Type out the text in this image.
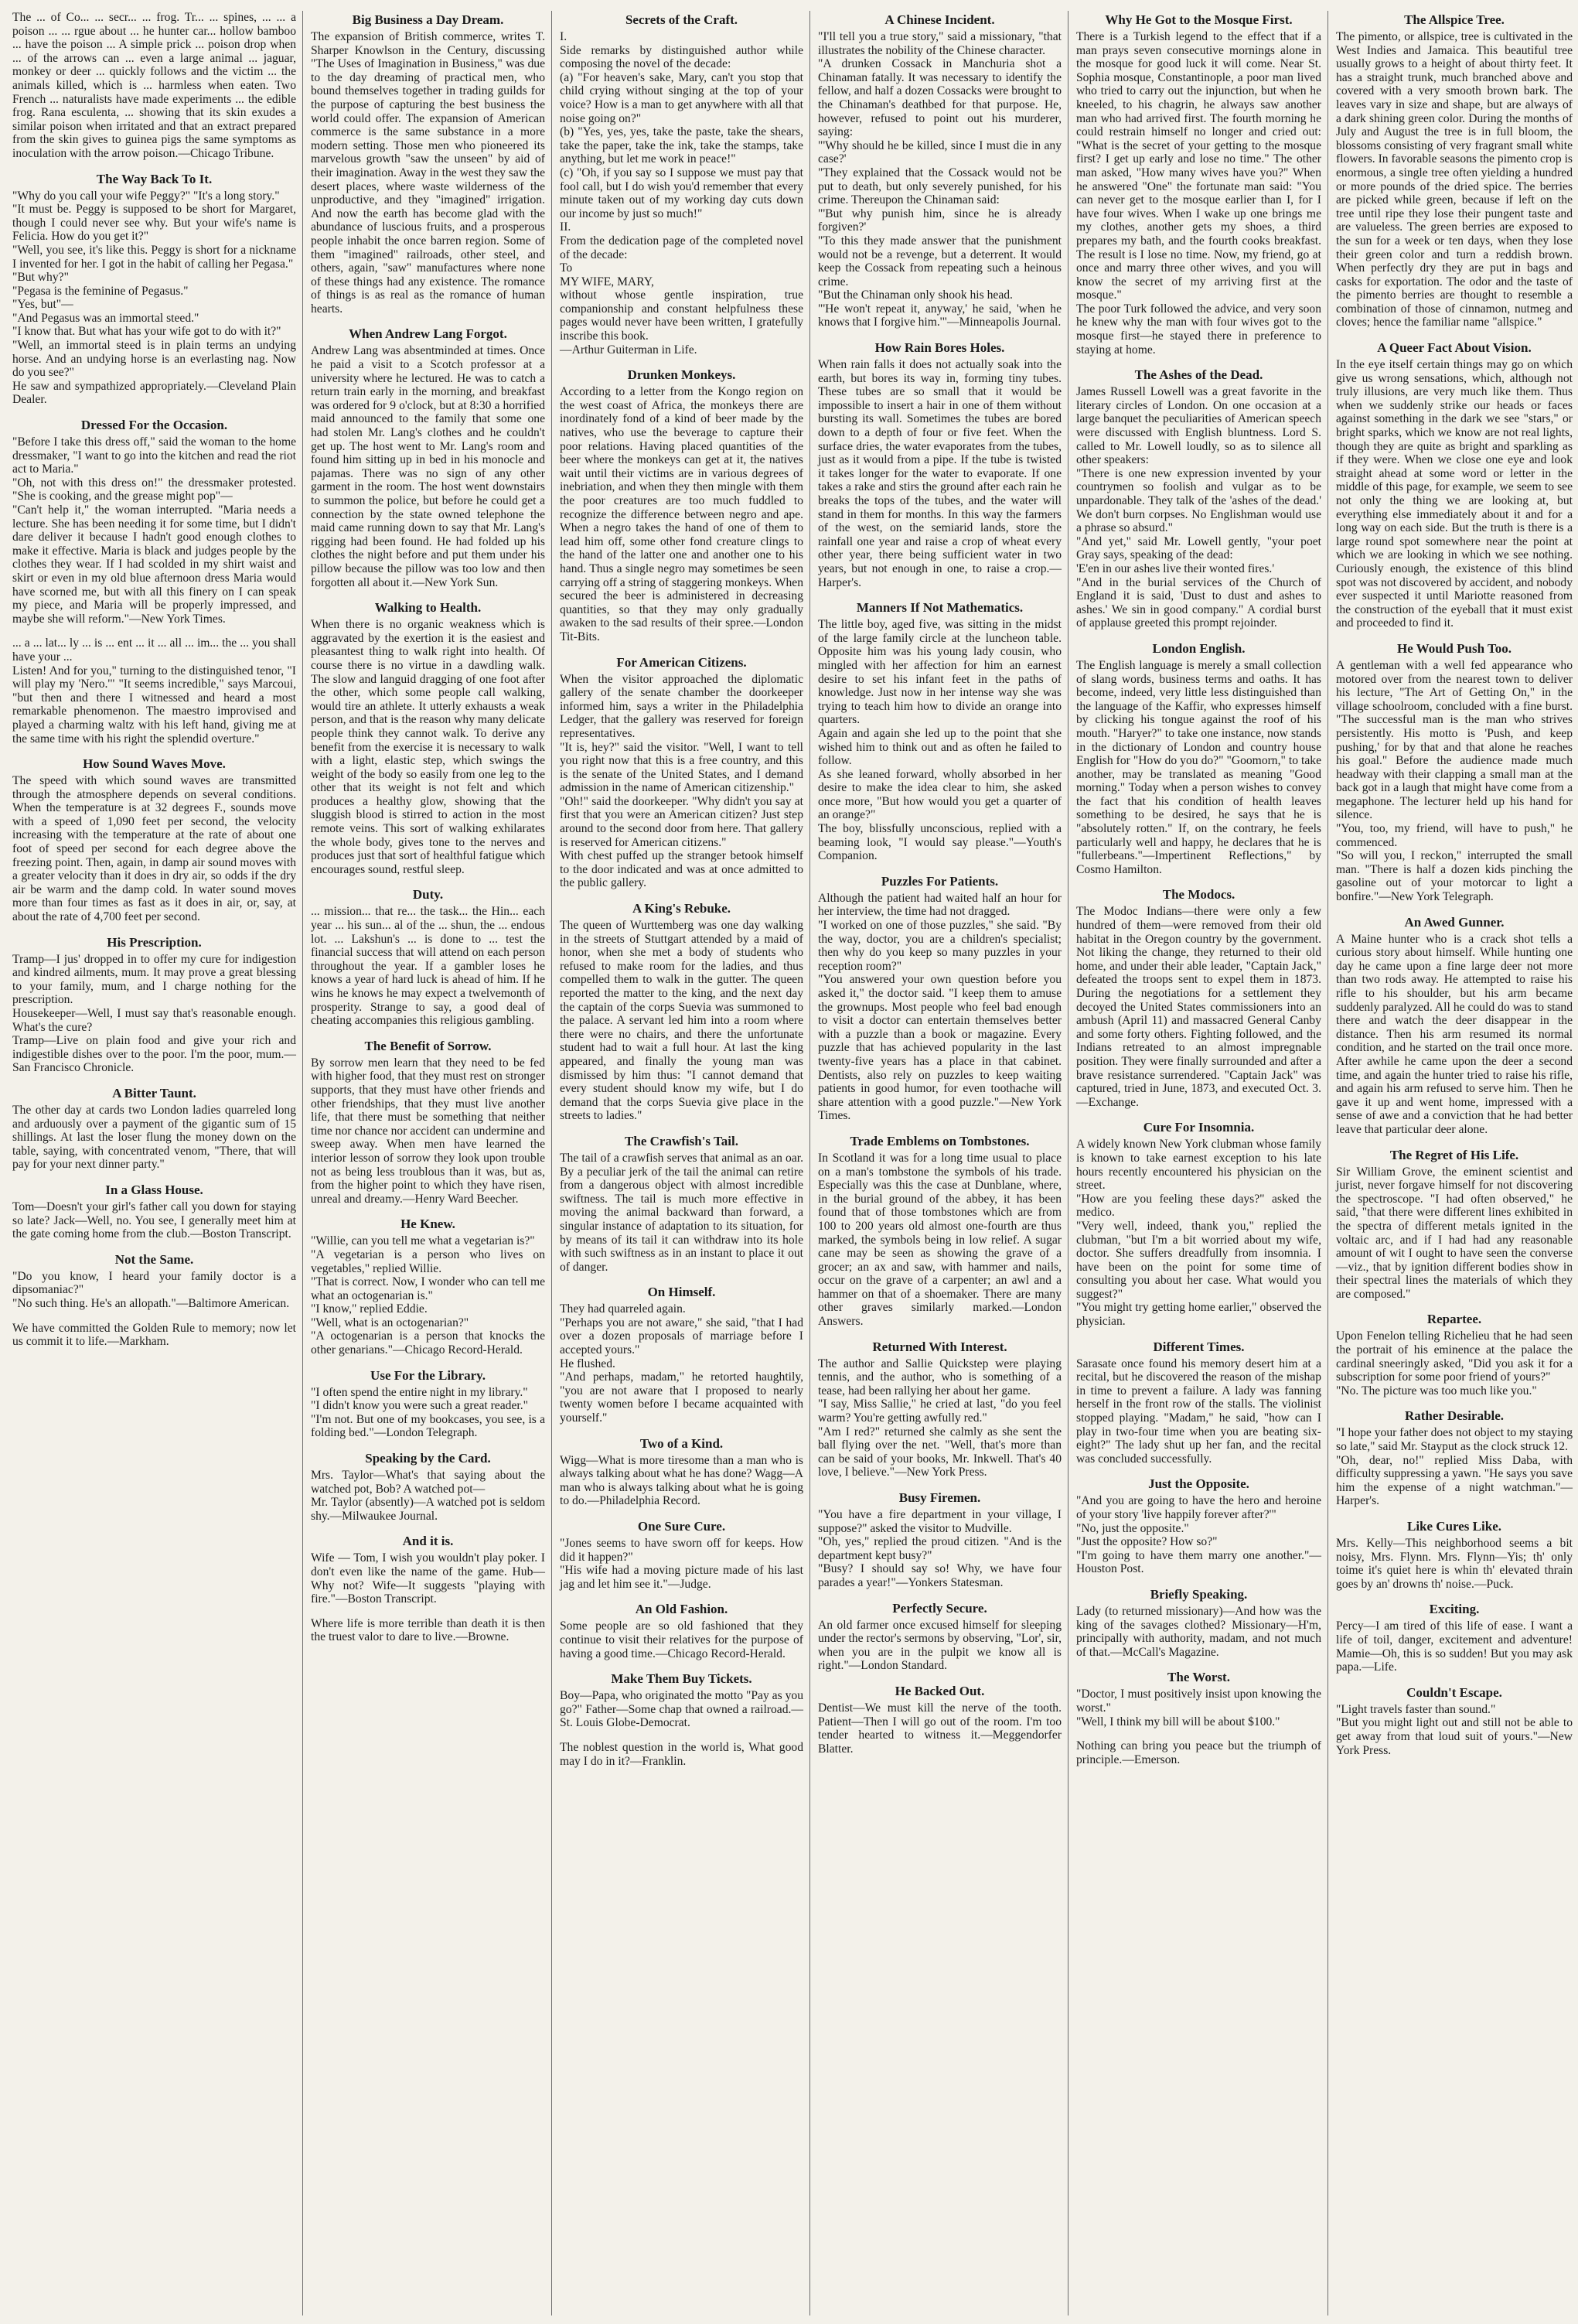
The ... of Co... ... secr... ... frog. Tr... ... spines, ... ... a poison ... ... rgue about ... he hunter car... hollow bamboo ... have the poison ... A simple prick ... poison drop when ... of the arrows can ... even a large animal ... jaguar, monkey or deer ... quickly follows and the victim ... the animals killed, which is ... harmless when eaten. Two French ... naturalists have made experiments ... the edible frog. Rana esculenta, ... showing that its skin exudes a similar poison when irritated and that an extract prepared from the skin gives to guinea pigs the same symptoms as inoculation with the arrow poison.—Chicago Tribune.

The Way Back To It.

"Why do you call your wife Peggy?" "It's a long story."
"It must be. Peggy is supposed to be short for Margaret, though I could never see why. But your wife's name is Felicia. How do you get it?"
"Well, you see, it's like this. Peggy is short for a nickname I invented for her. I got in the habit of calling her Pegasa."
"But why?"
"Pegasa is the feminine of Pegasus."
"Yes, but"—
"And Pegasus was an immortal steed."
"I know that. But what has your wife got to do with it?"
"Well, an immortal steed is in plain terms an undying horse. And an undying horse is an everlasting nag. Now do you see?"
He saw and sympathized appropriately.—Cleveland Plain Dealer.

Dressed For the Occasion.

"Before I take this dress off," said the woman to the home dressmaker, "I want to go into the kitchen and read the riot act to Maria."
"Oh, not with this dress on!" the dressmaker protested. "She is cooking, and the grease might pop"—
"Can't help it," the woman interrupted. "Maria needs a lecture. She has been needing it for some time, but I didn't dare deliver it because I hadn't good enough clothes to make it effective. Maria is black and judges people by the clothes they wear. If I had scolded in my shirt waist and skirt or even in my old blue afternoon dress Maria would have scorned me, but with all this finery on I can speak my piece, and Maria will be properly impressed, and maybe she will reform."—New York Times.

... a ... lat... ly ... is ... ent ... it ... all ... im... the ... you shall have your ...
Listen! And for you," turning to the distinguished tenor, "I will play my 'Nero.'" "It seems incredible," says Marcoui, "but then and there I witnessed and heard a most remarkable phenomenon. The maestro improvised and played a charming waltz with his left hand, giving me at the same time with his right the splendid overture."

How Sound Waves Move.

The speed with which sound waves are transmitted through the atmosphere depends on several conditions. When the temperature is at 32 degrees F., sounds move with a speed of 1,090 feet per second, the velocity increasing with the temperature at the rate of about one foot of speed per second for each degree above the freezing point. Then, again, in damp air sound moves with a greater velocity than it does in dry air, so odds if the dry air be warm and the damp cold. In water sound moves more than four times as fast as it does in air, or, say, at about the rate of 4,700 feet per second.

His Prescription.

Tramp—I jus' dropped in to offer my cure for indigestion and kindred ailments, mum. It may prove a great blessing to your family, mum, and I charge nothing for the prescription.
Housekeeper—Well, I must say that's reasonable enough. What's the cure?
Tramp—Live on plain food and give your rich and indigestible dishes over to the poor. I'm the poor, mum.—San Francisco Chronicle.

A Bitter Taunt.

The other day at cards two London ladies quarreled long and arduously over a payment of the gigantic sum of 15 shillings. At last the loser flung the money down on the table, saying, with concentrated venom, "There, that will pay for your next dinner party."

In a Glass House.

Tom—Doesn't your girl's father call you down for staying so late? Jack—Well, no. You see, I generally meet him at the gate coming home from the club.—Boston Transcript.

Not the Same.

"Do you know, I heard your family doctor is a dipsomaniac?"
"No such thing. He's an allopath."—Baltimore American.

We have committed the Golden Rule to memory; now let us commit it to life.—Markham.

Big Business a Day Dream.

The expansion of British commerce, writes T. Sharper Knowlson in the Century, discussing "The Uses of Imagination in Business," was due to the day dreaming of practical men, who bound themselves together in trading guilds for the purpose of capturing the best business the world could offer. The expansion of American commerce is the same substance in a more modern setting. Those men who pioneered its marvelous growth "saw the unseen" by aid of their imagination. Away in the west they saw the desert places, where waste wilderness of the unproductive, and they "imagined" irrigation. And now the earth has become glad with the abundance of luscious fruits, and a prosperous people inhabit the once barren region. Some of them "imagined" railroads, other steel, and others, again, "saw" manufactures where none of these things had any existence. The romance of things is as real as the romance of human hearts.

When Andrew Lang Forgot.

Andrew Lang was absentminded at times. Once he paid a visit to a Scotch professor at a university where he lectured. He was to catch a return train early in the morning, and breakfast was ordered for 9 o'clock, but at 8:30 a horrified maid announced to the family that some one had stolen Mr. Lang's clothes and he couldn't get up. The host went to Mr. Lang's room and found him sitting up in bed in his monocle and pajamas. There was no sign of any other garment in the room. The host went downstairs to summon the police, but before he could get a connection by the state owned telephone the maid came running down to say that Mr. Lang's rigging had been found. He had folded up his clothes the night before and put them under his pillow because the pillow was too low and then forgotten all about it.—New York Sun.

Walking to Health.

When there is no organic weakness which is aggravated by the exertion it is the easiest and pleasantest thing to walk right into health. Of course there is no virtue in a dawdling walk. The slow and languid dragging of one foot after the other, which some people call walking, would tire an athlete. It utterly exhausts a weak person, and that is the reason why many delicate people think they cannot walk. To derive any benefit from the exercise it is necessary to walk with a light, elastic step, which swings the weight of the body so easily from one leg to the other that its weight is not felt and which produces a healthy glow, showing that the sluggish blood is stirred to action in the most remote veins. This sort of walking exhilarates the whole body, gives tone to the nerves and produces just that sort of healthful fatigue which encourages sound, restful sleep.

Duty.

... mission... that re... the task... the Hin... each year ... his sun... al of the ... shun, the ... endous lot. ... Lakshun's ... is done to ... test the financial success that will attend on each person throughout the year. If a gambler loses he knows a year of hard luck is ahead of him. If he wins he knows he may expect a twelvemonth of prosperity. Strange to say, a good deal of cheating accompanies this religious gambling.

The Benefit of Sorrow.

By sorrow men learn that they need to be fed with higher food, that they must rest on stronger supports, that they must have other friends and other friendships, that they must live another life, that there must be something that neither time nor chance nor accident can undermine and sweep away. When men have learned the interior lesson of sorrow they look upon trouble not as being less troublous than it was, but as, from the higher point to which they have risen, unreal and dreamy.—Henry Ward Beecher.

He Knew.

"Willie, can you tell me what a vegetarian is?"
"A vegetarian is a person who lives on vegetables," replied Willie.
"That is correct. Now, I wonder who can tell me what an octogenarian is."
"I know," replied Eddie.
"Well, what is an octogenarian?"
"A octogenarian is a person that knocks the other genarians."—Chicago Record-Herald.

Use For the Library.

"I often spend the entire night in my library."
"I didn't know you were such a great reader."
"I'm not. But one of my bookcases, you see, is a folding bed."—London Telegraph.

Speaking by the Card.

Mrs. Taylor—What's that saying about the watched pot, Bob? A watched pot—
Mr. Taylor (absently)—A watched pot is seldom shy.—Milwaukee Journal.

And it is.

Wife — Tom, I wish you wouldn't play poker. I don't even like the name of the game. Hub—Why not? Wife—It suggests "playing with fire."—Boston Transcript.

Where life is more terrible than death it is then the truest valor to dare to live.—Browne.

Secrets of the Craft.

I.
Side remarks by distinguished author while composing the novel of the decade:
(a) "For heaven's sake, Mary, can't you stop that child crying without singing at the top of your voice? How is a man to get anywhere with all that noise going on?"
(b) "Yes, yes, yes, take the paste, take the shears, take the paper, take the ink, take the stamps, take anything, but let me work in peace!"
(c) "Oh, if you say so I suppose we must pay that fool call, but I do wish you'd remember that every minute taken out of my working day cuts down our income by just so much!"
II.
From the dedication page of the completed novel of the decade:
To
MY WIFE, MARY,
without whose gentle inspiration, true companionship and constant helpfulness these pages would never have been written, I gratefully inscribe this book.
—Arthur Guiterman in Life.

Drunken Monkeys.

According to a letter from the Kongo region on the west coast of Africa, the monkeys there are inordinately fond of a kind of beer made by the natives, who use the beverage to capture their poor relations. Having placed quantities of the beer where the monkeys can get at it, the natives wait until their victims are in various degrees of inebriation, and when they then mingle with them the poor creatures are too much fuddled to recognize the difference between negro and ape. When a negro takes the hand of one of them to lead him off, some other fond creature clings to the hand of the latter one and another one to his hand. Thus a single negro may sometimes be seen carrying off a string of staggering monkeys. When secured the beer is administered in decreasing quantities, so that they may only gradually awaken to the sad results of their spree.—London Tit-Bits.

For American Citizens.

When the visitor approached the diplomatic gallery of the senate chamber the doorkeeper informed him, says a writer in the Philadelphia Ledger, that the gallery was reserved for foreign representatives.
"It is, hey?" said the visitor. "Well, I want to tell you right now that this is a free country, and this is the senate of the United States, and I demand admission in the name of American citizenship."
"Oh!" said the doorkeeper. "Why didn't you say at first that you were an American citizen? Just step around to the second door from here. That gallery is reserved for American citizens."
With chest puffed up the stranger betook himself to the door indicated and was at once admitted to the public gallery.

A King's Rebuke.

The queen of Wurttemberg was one day walking in the streets of Stuttgart attended by a maid of honor, when she met a body of students who refused to make room for the ladies, and thus compelled them to walk in the gutter. The queen reported the matter to the king, and the next day the captain of the corps Suevia was summoned to the palace. A servant led him into a room where there were no chairs, and there the unfortunate student had to wait a full hour. At last the king appeared, and finally the young man was dismissed by him thus: "I cannot demand that every student should know my wife, but I do demand that the corps Suevia give place in the streets to ladies."

The Crawfish's Tail.

The tail of a crawfish serves that animal as an oar. By a peculiar jerk of the tail the animal can retire from a dangerous object with almost incredible swiftness. The tail is much more effective in moving the animal backward than forward, a singular instance of adaptation to its situation, for by means of its tail it can withdraw into its hole with such swiftness as in an instant to place it out of danger.

On Himself.

They had quarreled again.
"Perhaps you are not aware," she said, "that I had over a dozen proposals of marriage before I accepted yours."
He flushed.
"And perhaps, madam," he retorted haughtily, "you are not aware that I proposed to nearly twenty women before I became acquainted with yourself."

Two of a Kind.

Wigg—What is more tiresome than a man who is always talking about what he has done? Wagg—A man who is always talking about what he is going to do.—Philadelphia Record.

One Sure Cure.

"Jones seems to have sworn off for keeps. How did it happen?"
"His wife had a moving picture made of his last jag and let him see it."—Judge.

An Old Fashion.

Some people are so old fashioned that they continue to visit their relatives for the purpose of having a good time.—Chicago Record-Herald.

Make Them Buy Tickets.

Boy—Papa, who originated the motto "Pay as you go?" Father—Some chap that owned a railroad.—St. Louis Globe-Democrat.

The noblest question in the world is, What good may I do in it?—Franklin.

A Chinese Incident.

"I'll tell you a true story," said a missionary, "that illustrates the nobility of the Chinese character.
"A drunken Cossack in Manchuria shot a Chinaman fatally. It was necessary to identify the fellow, and half a dozen Cossacks were brought to the Chinaman's deathbed for that purpose. He, however, refused to point out his murderer, saying:
"'Why should he be killed, since I must die in any case?'
"They explained that the Cossack would not be put to death, but only severely punished, for his crime. Thereupon the Chinaman said:
"'But why punish him, since he is already forgiven?'
"To this they made answer that the punishment would not be a revenge, but a deterrent. It would keep the Cossack from repeating such a heinous crime.
"But the Chinaman only shook his head.
"'He won't repeat it, anyway,' he said, 'when he knows that I forgive him.'"—Minneapolis Journal.

How Rain Bores Holes.

When rain falls it does not actually soak into the earth, but bores its way in, forming tiny tubes. These tubes are so small that it would be impossible to insert a hair in one of them without bursting its wall. Sometimes the tubes are bored down to a depth of four or five feet. When the surface dries, the water evaporates from the tubes, just as it would from a pipe. If the tube is twisted it takes longer for the water to evaporate. If one takes a rake and stirs the ground after each rain he breaks the tops of the tubes, and the water will stand in them for months. In this way the farmers of the west, on the semiarid lands, store the rainfall one year and raise a crop of wheat every other year, there being sufficient water in two years, but not enough in one, to raise a crop.—Harper's.

Manners If Not Mathematics.

The little boy, aged five, was sitting in the midst of the large family circle at the luncheon table. Opposite him was his young lady cousin, who mingled with her affection for him an earnest desire to set his infant feet in the paths of knowledge. Just now in her intense way she was trying to teach him how to divide an orange into quarters.
Again and again she led up to the point that she wished him to think out and as often he failed to follow.
As she leaned forward, wholly absorbed in her desire to make the idea clear to him, she asked once more, "But how would you get a quarter of an orange?"
The boy, blissfully unconscious, replied with a beaming look, "I would say please."—Youth's Companion.

Puzzles For Patients.

Although the patient had waited half an hour for her interview, the time had not dragged.
"I worked on one of those puzzles," she said. "By the way, doctor, you are a children's specialist; then why do you keep so many puzzles in your reception room?"
"You answered your own question before you asked it," the doctor said. "I keep them to amuse the grownups. Most people who feel bad enough to visit a doctor can entertain themselves better with a puzzle than a book or magazine. Every puzzle that has achieved popularity in the last twenty-five years has a place in that cabinet. Dentists, also rely on puzzles to keep waiting patients in good humor, for even toothache will share attention with a good puzzle."—New York Times.

Trade Emblems on Tombstones.

In Scotland it was for a long time usual to place on a man's tombstone the symbols of his trade. Especially was this the case at Dunblane, where, in the burial ground of the abbey, it has been found that of those tombstones which are from 100 to 200 years old almost one-fourth are thus marked, the symbols being in low relief. A sugar cane may be seen as showing the grave of a grocer; an ax and saw, with hammer and nails, occur on the grave of a carpenter; an awl and a hammer on that of a shoemaker. There are many other graves similarly marked.—London Answers.

Returned With Interest.

The author and Sallie Quickstep were playing tennis, and the author, who is something of a tease, had been rallying her about her game.
"I say, Miss Sallie," he cried at last, "do you feel warm? You're getting awfully red."
"Am I red?" returned she calmly as she sent the ball flying over the net. "Well, that's more than can be said of your books, Mr. Inkwell. That's 40 love, I believe."—New York Press.

Busy Firemen.

"You have a fire department in your village, I suppose?" asked the visitor to Mudville.
"Oh, yes," replied the proud citizen. "And is the department kept busy?"
"Busy? I should say so! Why, we have four parades a year!"—Yonkers Statesman.

Perfectly Secure.

An old farmer once excused himself for sleeping under the rector's sermons by observing, "Lor', sir, when you are in the pulpit we know all is right."—London Standard.

He Backed Out.

Dentist—We must kill the nerve of the tooth. Patient—Then I will go out of the room. I'm too tender hearted to witness it.—Meggendorfer Blatter.

Why He Got to the Mosque First.

There is a Turkish legend to the effect that if a man prays seven consecutive mornings alone in the mosque for good luck it will come. Near St. Sophia mosque, Constantinople, a poor man lived who tried to carry out the injunction, but when he kneeled, to his chagrin, he always saw another man who had arrived first. The fourth morning he could restrain himself no longer and cried out: "What is the secret of your getting to the mosque first? I get up early and lose no time." The other man asked, "How many wives have you?" When he answered "One" the fortunate man said: "You can never get to the mosque earlier than I, for I have four wives. When I wake up one brings me my clothes, another gets my shoes, a third prepares my bath, and the fourth cooks breakfast. The result is I lose no time. Now, my friend, go at once and marry three other wives, and you will know the secret of my arriving first at the mosque."
The poor Turk followed the advice, and very soon he knew why the man with four wives got to the mosque first—he stayed there in preference to staying at home.

The Ashes of the Dead.

James Russell Lowell was a great favorite in the literary circles of London. On one occasion at a large banquet the peculiarities of American speech were discussed with English bluntness. Lord S. called to Mr. Lowell loudly, so as to silence all other speakers:
"There is one new expression invented by your countrymen so foolish and vulgar as to be unpardonable. They talk of the 'ashes of the dead.' We don't burn corpses. No Englishman would use a phrase so absurd."
"And yet," said Mr. Lowell gently, "your poet Gray says, speaking of the dead:
'E'en in our ashes live their wonted fires.'
"And in the burial services of the Church of England it is said, 'Dust to dust and ashes to ashes.' We sin in good company." A cordial burst of applause greeted this prompt rejoinder.

London English.

The English language is merely a small collection of slang words, business terms and oaths. It has become, indeed, very little less distinguished than the language of the Kaffir, who expresses himself by clicking his tongue against the roof of his mouth. "Haryer?" to take one instance, now stands in the dictionary of London and country house English for "How do you do?" "Goomorn," to take another, may be translated as meaning "Good morning." Today when a person wishes to convey the fact that his condition of health leaves something to be desired, he says that he is "absolutely rotten." If, on the contrary, he feels particularly well and happy, he declares that he is "fullerbeans."—Impertinent Reflections," by Cosmo Hamilton.

The Modocs.

The Modoc Indians—there were only a few hundred of them—were removed from their old habitat in the Oregon country by the government. Not liking the change, they returned to their old home, and under their able leader, "Captain Jack," defeated the troops sent to expel them in 1873. During the negotiations for a settlement they decoyed the United States commissioners into an ambush (April 11) and massacred General Canby and some forty others. Fighting followed, and the Indians retreated to an almost impregnable position. They were finally surrounded and after a brave resistance surrendered. "Captain Jack" was captured, tried in June, 1873, and executed Oct. 3.—Exchange.

Cure For Insomnia.

A widely known New York clubman whose family is known to take earnest exception to his late hours recently encountered his physician on the street.
"How are you feeling these days?" asked the medico.
"Very well, indeed, thank you," replied the clubman, "but I'm a bit worried about my wife, doctor. She suffers dreadfully from insomnia. I have been on the point for some time of consulting you about her case. What would you suggest?"
"You might try getting home earlier," observed the physician.

Different Times.

Sarasate once found his memory desert him at a recital, but he discovered the reason of the mishap in time to prevent a failure. A lady was fanning herself in the front row of the stalls. The violinist stopped playing. "Madam," he said, "how can I play in two-four time when you are beating six-eight?" The lady shut up her fan, and the recital was concluded successfully.

Just the Opposite.

"And you are going to have the hero and heroine of your story 'live happily forever after?'"
"No, just the opposite."
"Just the opposite? How so?"
"I'm going to have them marry one another."—Houston Post.

Briefly Speaking.

Lady (to returned missionary)—And how was the king of the savages clothed? Missionary—H'm, principally with authority, madam, and not much of that.—McCall's Magazine.

The Worst.

"Doctor, I must positively insist upon knowing the worst."
"Well, I think my bill will be about $100."

Nothing can bring you peace but the triumph of principle.—Emerson.

The Allspice Tree.

The pimento, or allspice, tree is cultivated in the West Indies and Jamaica. This beautiful tree usually grows to a height of about thirty feet. It has a straight trunk, much branched above and covered with a very smooth brown bark. The leaves vary in size and shape, but are always of a dark shining green color. During the months of July and August the tree is in full bloom, the blossoms consisting of very fragrant small white flowers. In favorable seasons the pimento crop is enormous, a single tree often yielding a hundred or more pounds of the dried spice. The berries are picked while green, because if left on the tree until ripe they lose their pungent taste and are valueless. The green berries are exposed to the sun for a week or ten days, when they lose their green color and turn a reddish brown. When perfectly dry they are put in bags and casks for exportation. The odor and the taste of the pimento berries are thought to resemble a combination of those of cinnamon, nutmeg and cloves; hence the familiar name "allspice."

A Queer Fact About Vision.

In the eye itself certain things may go on which give us wrong sensations, which, although not truly illusions, are very much like them. Thus when we suddenly strike our heads or faces against something in the dark we see "stars," or bright sparks, which we know are not real lights, though they are quite as bright and sparkling as if they were. When we close one eye and look straight ahead at some word or letter in the middle of this page, for example, we seem to see not only the thing we are looking at, but everything else immediately about it and for a long way on each side. But the truth is there is a large round spot somewhere near the point at which we are looking in which we see nothing. Curiously enough, the existence of this blind spot was not discovered by accident, and nobody ever suspected it until Mariotte reasoned from the construction of the eyeball that it must exist and proceeded to find it.

He Would Push Too.

A gentleman with a well fed appearance who motored over from the nearest town to deliver his lecture, "The Art of Getting On," in the village schoolroom, concluded with a fine burst. "The successful man is the man who strives persistently. His motto is 'Push, and keep pushing,' for by that and that alone he reaches his goal." Before the audience made much headway with their clapping a small man at the back got in a laugh that might have come from a megaphone. The lecturer held up his hand for silence.
"You, too, my friend, will have to push," he commenced.
"So will you, I reckon," interrupted the small man. "There is half a dozen kids pinching the gasoline out of your motorcar to light a bonfire."—New York Telegraph.

An Awed Gunner.

A Maine hunter who is a crack shot tells a curious story about himself. While hunting one day he came upon a fine large deer not more than two rods away. He attempted to raise his rifle to his shoulder, but his arm became suddenly paralyzed. All he could do was to stand there and watch the deer disappear in the distance. Then his arm resumed its normal condition, and he started on the trail once more. After awhile he came upon the deer a second time, and again the hunter tried to raise his rifle, and again his arm refused to serve him. Then he gave it up and went home, impressed with a sense of awe and a conviction that he had better leave that particular deer alone.

The Regret of His Life.

Sir William Grove, the eminent scientist and jurist, never forgave himself for not discovering the spectroscope. "I had often observed," he said, "that there were different lines exhibited in the spectra of different metals ignited in the voltaic arc, and if I had had any reasonable amount of wit I ought to have seen the converse—viz., that by ignition different bodies show in their spectral lines the materials of which they are composed."

Repartee.

Upon Fenelon telling Richelieu that he had seen the portrait of his eminence at the palace the cardinal sneeringly asked, "Did you ask it for a subscription for some poor friend of yours?"
"No. The picture was too much like you."

Rather Desirable.

"I hope your father does not object to my staying so late," said Mr. Stayput as the clock struck 12.
"Oh, dear, no!" replied Miss Daba, with difficulty suppressing a yawn. "He says you save him the expense of a night watchman."—Harper's.

Like Cures Like.

Mrs. Kelly—This neighborhood seems a bit noisy, Mrs. Flynn. Mrs. Flynn—Yis; th' only toime it's quiet here is whin th' elevated thrain goes by an' drowns th' noise.—Puck.

Exciting.

Percy—I am tired of this life of ease. I want a life of toil, danger, excitement and adventure! Mamie—Oh, this is so sudden! But you may ask papa.—Life.

Couldn't Escape.

"Light travels faster than sound."
"But you might light out and still not be able to get away from that loud suit of yours."—New York Press.
